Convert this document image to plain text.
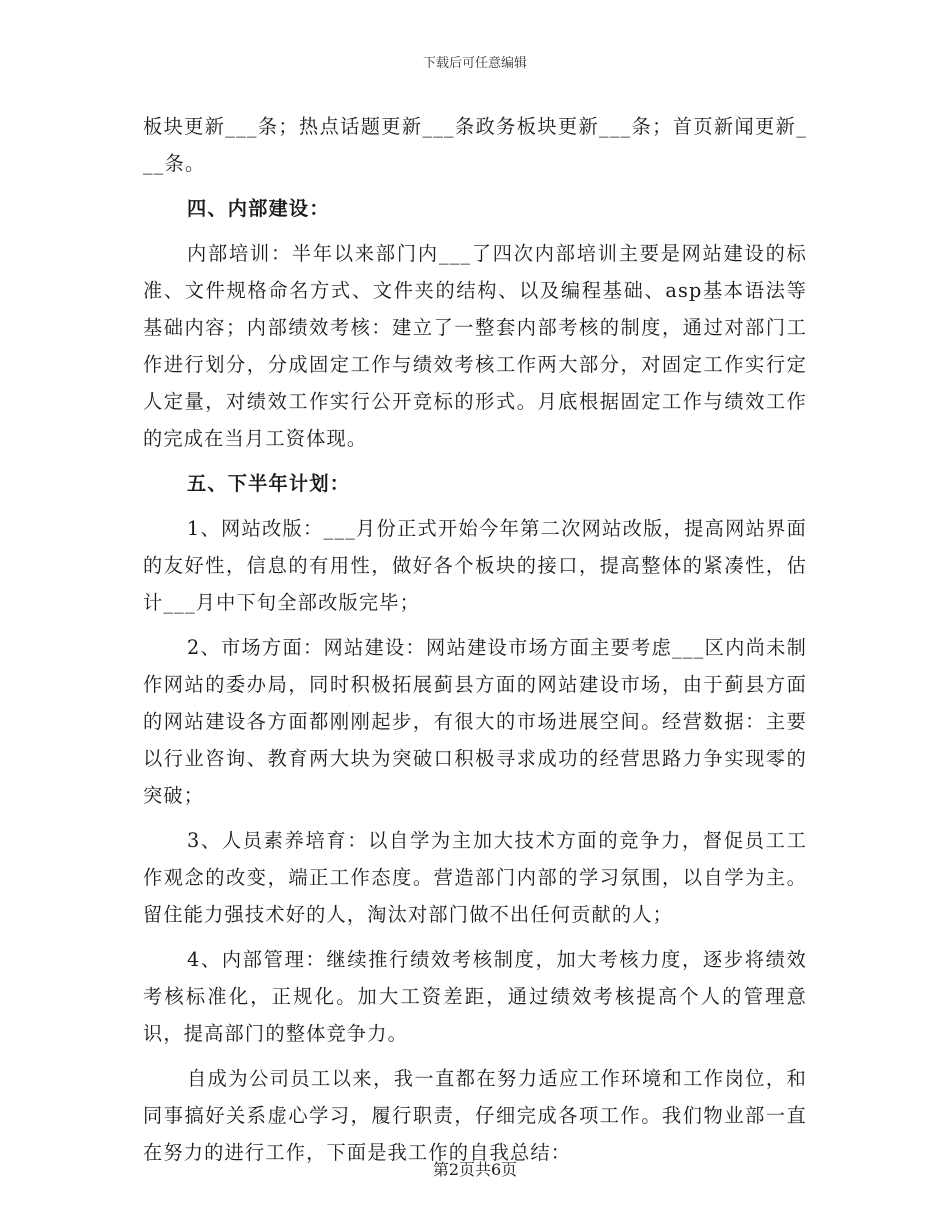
下载后可任意编辑

板块更新___条；热点话题更新___条政务板块更新___条；首页新闻更新___条。

四、内部建设：

内部培训：半年以来部门内___了四次内部培训主要是网站建设的标准、文件规格命名方式、文件夹的结构、以及编程基础、asp基本语法等基础内容；内部绩效考核：建立了一整套内部考核的制度，通过对部门工作进行划分，分成固定工作与绩效考核工作两大部分，对固定工作实行定人定量，对绩效工作实行公开竞标的形式。月底根据固定工作与绩效工作的完成在当月工资体现。

五、下半年计划：

1、网站改版：___月份正式开始今年第二次网站改版，提高网站界面的友好性，信息的有用性，做好各个板块的接口，提高整体的紧凑性，估计___月中下旬全部改版完毕；

2、市场方面：网站建设：网站建设市场方面主要考虑___区内尚未制作网站的委办局，同时积极拓展蓟县方面的网站建设市场，由于蓟县方面的网站建设各方面都刚刚起步，有很大的市场进展空间。经营数据：主要以行业咨询、教育两大块为突破口积极寻求成功的经营思路力争实现零的突破；

3、人员素养培育：以自学为主加大技术方面的竞争力，督促员工工作观念的改变，端正工作态度。营造部门内部的学习氛围，以自学为主。留住能力强技术好的人，淘汰对部门做不出任何贡献的人；

4、内部管理：继续推行绩效考核制度，加大考核力度，逐步将绩效考核标准化，正规化。加大工资差距，通过绩效考核提高个人的管理意识，提高部门的整体竞争力。

自成为公司员工以来，我一直都在努力适应工作环境和工作岗位，和同事搞好关系虚心学习，履行职责，仔细完成各项工作。我们物业部一直在努力的进行工作，下面是我工作的自我总结：

第2页共6页
